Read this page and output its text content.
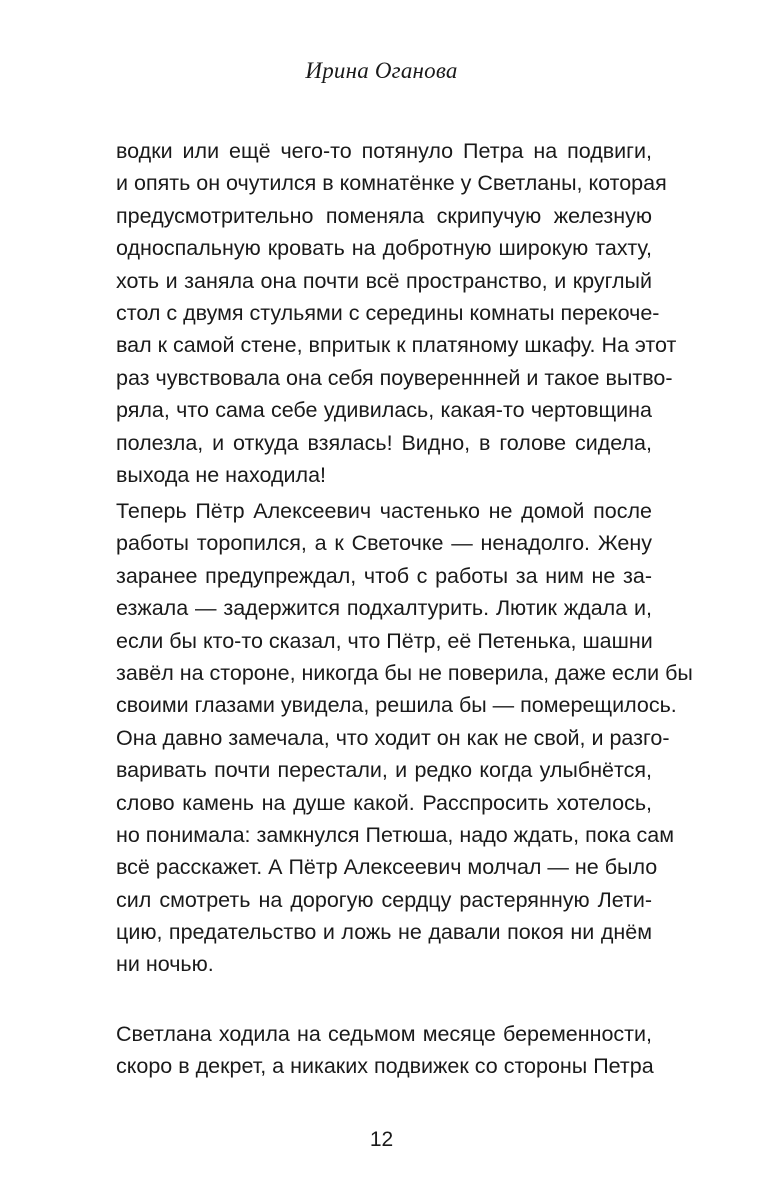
Ирина Оганова
водки или ещё чего-то потянуло Петра на подвиги,
и опять он очутился в комнатёнке у Светланы, которая
предусмотрительно поменяла скрипучую железную
односпальную кровать на добротную широкую тахту,
хоть и заняла она почти всё пространство, и круглый
стол с двумя стульями с середины комнаты перекоче-
вал к самой стене, впритык к платяному шкафу. На этот
раз чувствовала она себя поувереннней и такое вытво-
ряла, что сама себе удивилась, какая-то чертовщина
полезла, и откуда взялась! Видно, в голове сидела,
выхода не находила!
Теперь Пётр Алексеевич частенько не домой после
работы торопился, а к Светочке — ненадолго. Жену
заранее предупреждал, чтоб с работы за ним не за-
езжала — задержится подхалтурить. Лютик ждала и,
если бы кто-то сказал, что Пётр, её Петенька, шашни
завёл на стороне, никогда бы не поверила, даже если бы
своими глазами увидела, решила бы — померещилось.
Она давно замечала, что ходит он как не свой, и разго-
варивать почти перестали, и редко когда улыбнётся,
слово камень на душе какой. Расспросить хотелось,
но понимала: замкнулся Петюша, надо ждать, пока сам
всё расскажет. А Пётр Алексеевич молчал — не было
сил смотреть на дорогую сердцу растерянную Лети-
цию, предательство и ложь не давали покоя ни днём
ни ночью.
Светлана ходила на седьмом месяце беременности,
скоро в декрет, а никаких подвижек со стороны Петра
12
